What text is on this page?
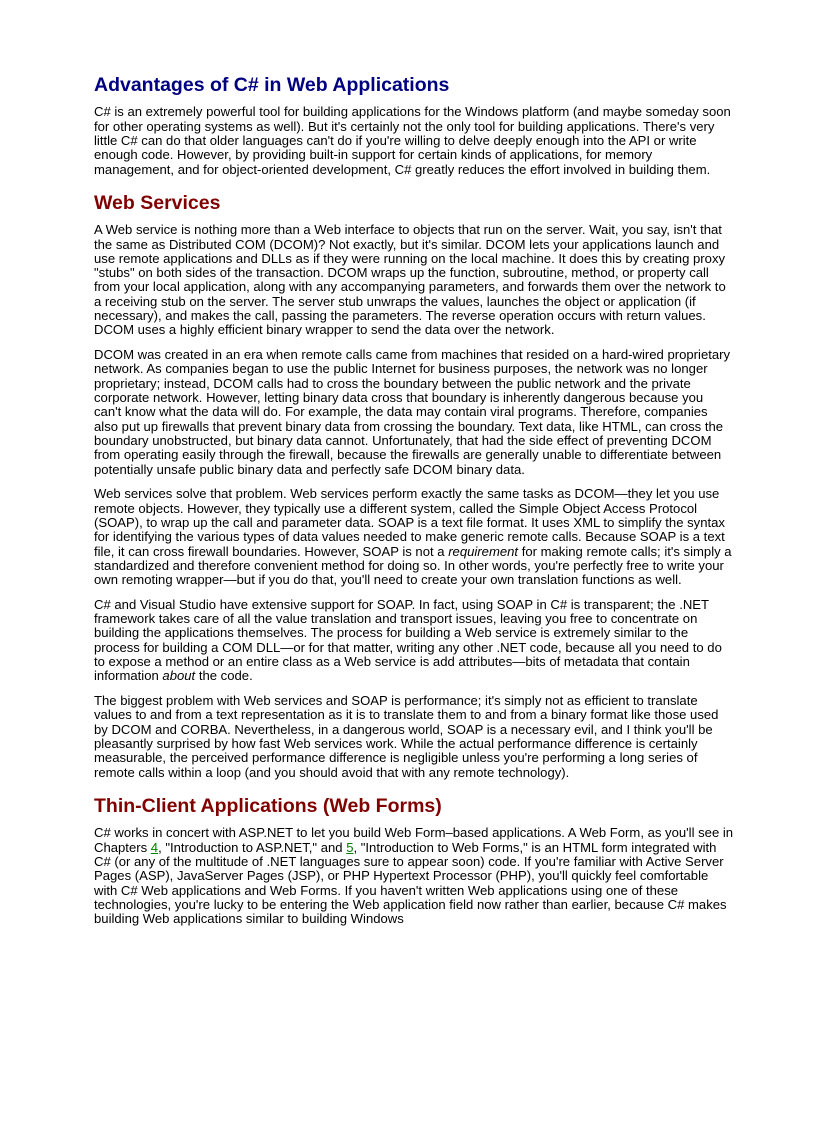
Advantages of C# in Web Applications

C# is an extremely powerful tool for building applications for the Windows platform (and maybe someday soon for other operating systems as well). But it's certainly not the only tool for building applications. There's very little C# can do that older languages can't do if you're willing to delve deeply enough into the API or write enough code. However, by providing built-in support for certain kinds of applications, for memory management, and for object-oriented development, C# greatly reduces the effort involved in building them.

Web Services

A Web service is nothing more than a Web interface to objects that run on the server. Wait, you say, isn't that the same as Distributed COM (DCOM)? Not exactly, but it's similar. DCOM lets your applications launch and use remote applications and DLLs as if they were running on the local machine. It does this by creating proxy "stubs" on both sides of the transaction. DCOM wraps up the function, subroutine, method, or property call from your local application, along with any accompanying parameters, and forwards them over the network to a receiving stub on the server. The server stub unwraps the values, launches the object or application (if necessary), and makes the call, passing the parameters. The reverse operation occurs with return values. DCOM uses a highly efficient binary wrapper to send the data over the network.

DCOM was created in an era when remote calls came from machines that resided on a hard-wired proprietary network. As companies began to use the public Internet for business purposes, the network was no longer proprietary; instead, DCOM calls had to cross the boundary between the public network and the private corporate network. However, letting binary data cross that boundary is inherently dangerous because you can't know what the data will do. For example, the data may contain viral programs. Therefore, companies also put up firewalls that prevent binary data from crossing the boundary. Text data, like HTML, can cross the boundary unobstructed, but binary data cannot. Unfortunately, that had the side effect of preventing DCOM from operating easily through the firewall, because the firewalls are generally unable to differentiate between potentially unsafe public binary data and perfectly safe DCOM binary data.

Web services solve that problem. Web services perform exactly the same tasks as DCOM—they let you use remote objects. However, they typically use a different system, called the Simple Object Access Protocol (SOAP), to wrap up the call and parameter data. SOAP is a text file format. It uses XML to simplify the syntax for identifying the various types of data values needed to make generic remote calls. Because SOAP is a text file, it can cross firewall boundaries. However, SOAP is not a requirement for making remote calls; it's simply a standardized and therefore convenient method for doing so. In other words, you're perfectly free to write your own remoting wrapper—but if you do that, you'll need to create your own translation functions as well.

C# and Visual Studio have extensive support for SOAP. In fact, using SOAP in C# is transparent; the .NET framework takes care of all the value translation and transport issues, leaving you free to concentrate on building the applications themselves. The process for building a Web service is extremely similar to the process for building a COM DLL—or for that matter, writing any other .NET code, because all you need to do to expose a method or an entire class as a Web service is add attributes—bits of metadata that contain information about the code.

The biggest problem with Web services and SOAP is performance; it's simply not as efficient to translate values to and from a text representation as it is to translate them to and from a binary format like those used by DCOM and CORBA. Nevertheless, in a dangerous world, SOAP is a necessary evil, and I think you'll be pleasantly surprised by how fast Web services work. While the actual performance difference is certainly measurable, the perceived performance difference is negligible unless you're performing a long series of remote calls within a loop (and you should avoid that with any remote technology).

Thin-Client Applications (Web Forms)

C# works in concert with ASP.NET to let you build Web Form–based applications. A Web Form, as you'll see in Chapters 4, "Introduction to ASP.NET," and 5, "Introduction to Web Forms," is an HTML form integrated with C# (or any of the multitude of .NET languages sure to appear soon) code. If you're familiar with Active Server Pages (ASP), JavaServer Pages (JSP), or PHP Hypertext Processor (PHP), you'll quickly feel comfortable with C# Web applications and Web Forms. If you haven't written Web applications using one of these technologies, you're lucky to be entering the Web application field now rather than earlier, because C# makes building Web applications similar to building Windows
